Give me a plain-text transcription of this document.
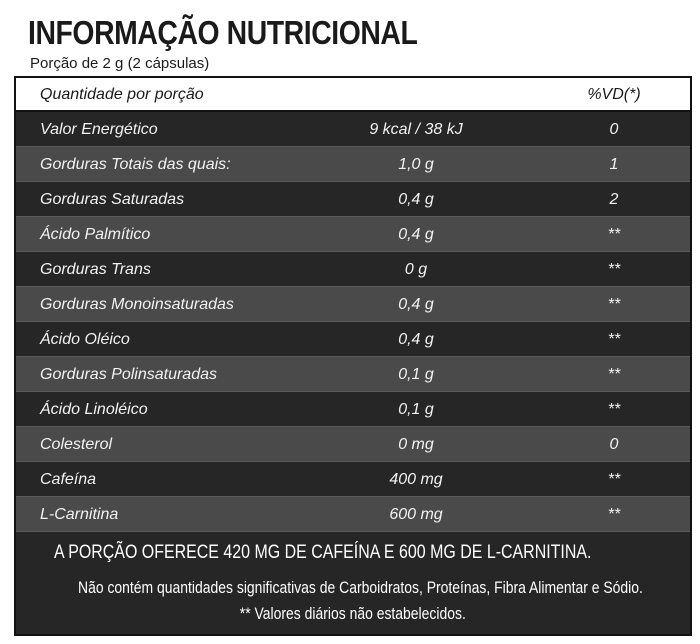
INFORMAÇÃO NUTRICIONAL
Porção de 2 g (2 cápsulas)
Quantidade por porção	%VD(*)
Valor Energético	9 kcal / 38 kJ	0
Gorduras Totais das quais:	1,0 g	1
Gorduras Saturadas	0,4 g	2
Ácido Palmítico	0,4 g	**
Gorduras Trans	0 g	**
Gorduras Monoinsaturadas	0,4 g	**
Ácido Oléico	0,4 g	**
Gorduras Polinsaturadas	0,1 g	**
Ácido Linoléico	0,1 g	**
Colesterol	0 mg	0
Cafeína	400 mg	**
L-Carnitina	600 mg	**
A PORÇÃO OFERECE 420 MG DE CAFEÍNA E 600 MG DE L-CARNITINA.
Não contém quantidades significativas de Carboidratos, Proteínas, Fibra Alimentar e Sódio.
** Valores diários não estabelecidos.
